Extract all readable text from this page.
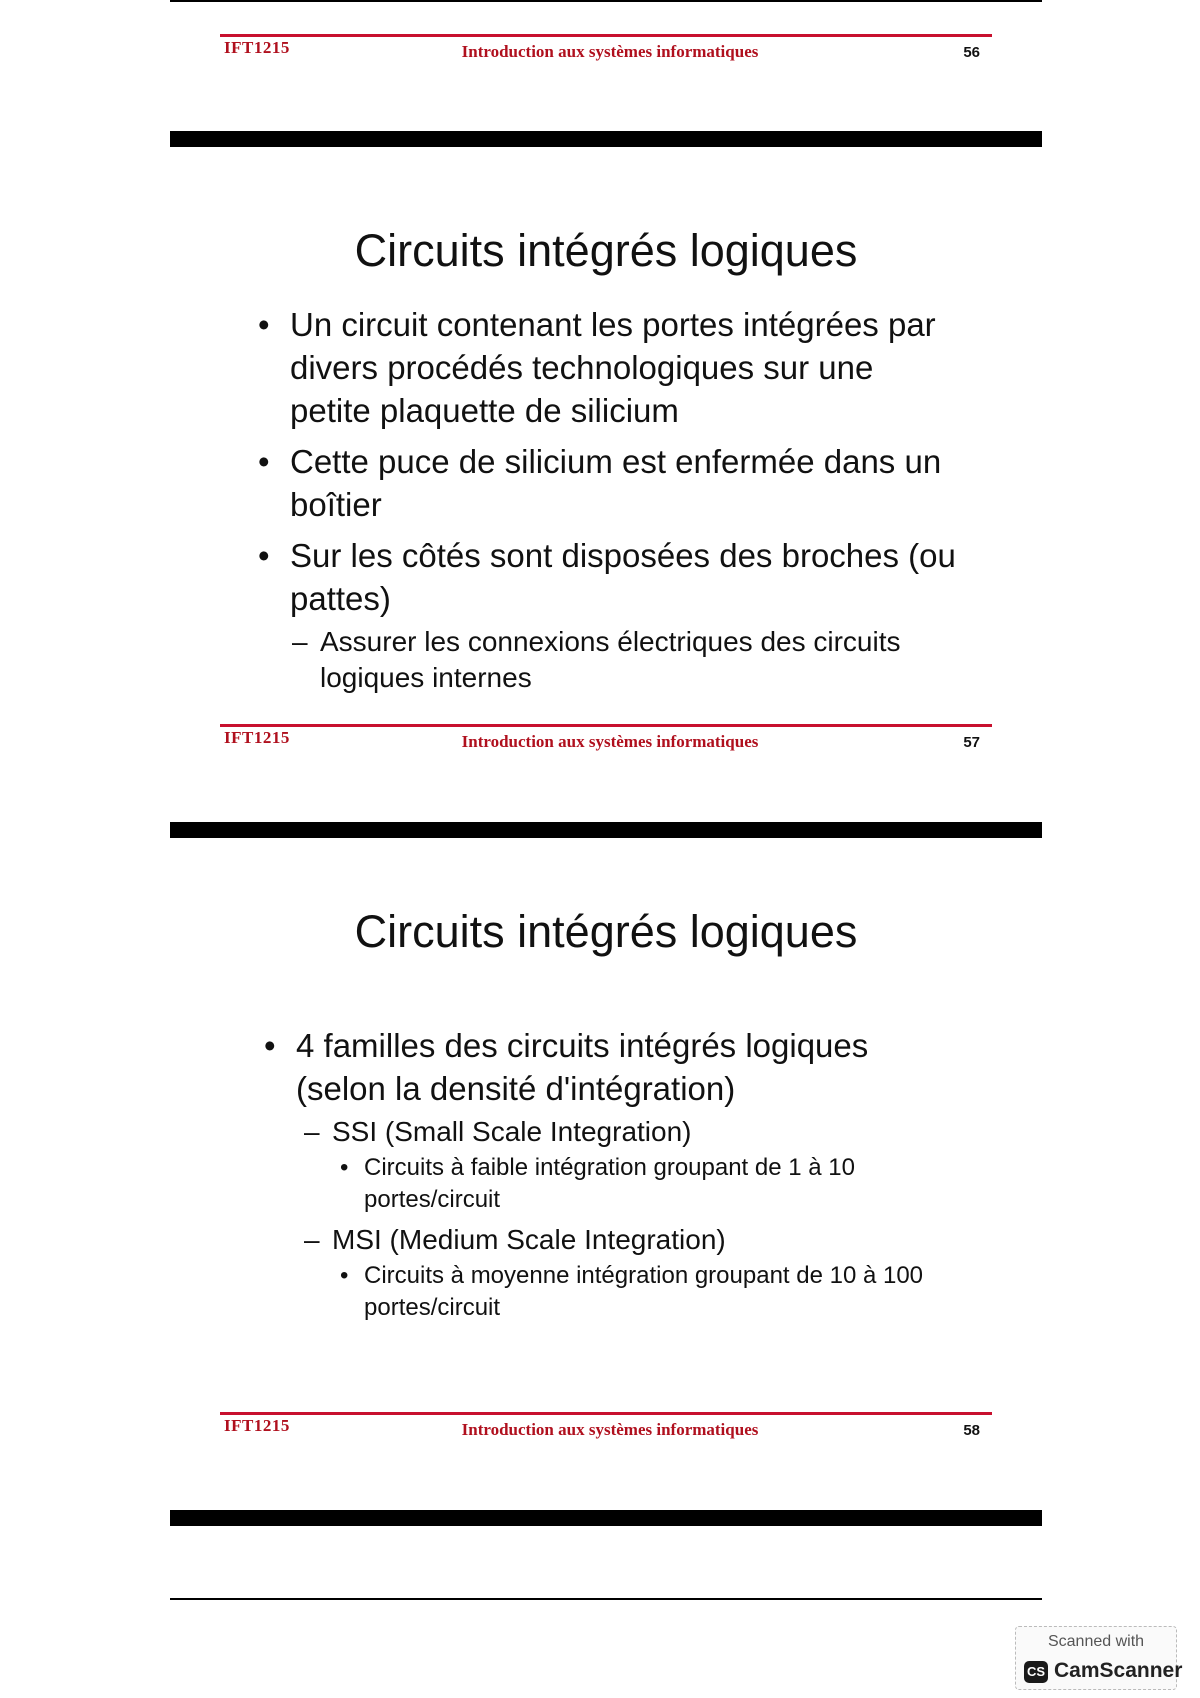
IFT1215	Introduction aux systèmes informatiques	56
Circuits intégrés logiques
• Un circuit contenant les portes intégrées par divers procédés technologiques sur une petite plaquette de silicium
• Cette puce de silicium est enfermée dans un boîtier
• Sur les côtés sont disposées des broches (ou pattes)
– Assurer les connexions électriques des circuits logiques internes
IFT1215	Introduction aux systèmes informatiques	57
Circuits intégrés logiques
• 4 familles des circuits intégrés logiques (selon la densité d'intégration)
– SSI (Small Scale Integration)
• Circuits à faible intégration groupant de 1 à 10 portes/circuit
– MSI (Medium Scale Integration)
• Circuits à moyenne intégration groupant de 10 à 100 portes/circuit
IFT1215	Introduction aux systèmes informatiques	58
Scanned with
CS CamScanner
